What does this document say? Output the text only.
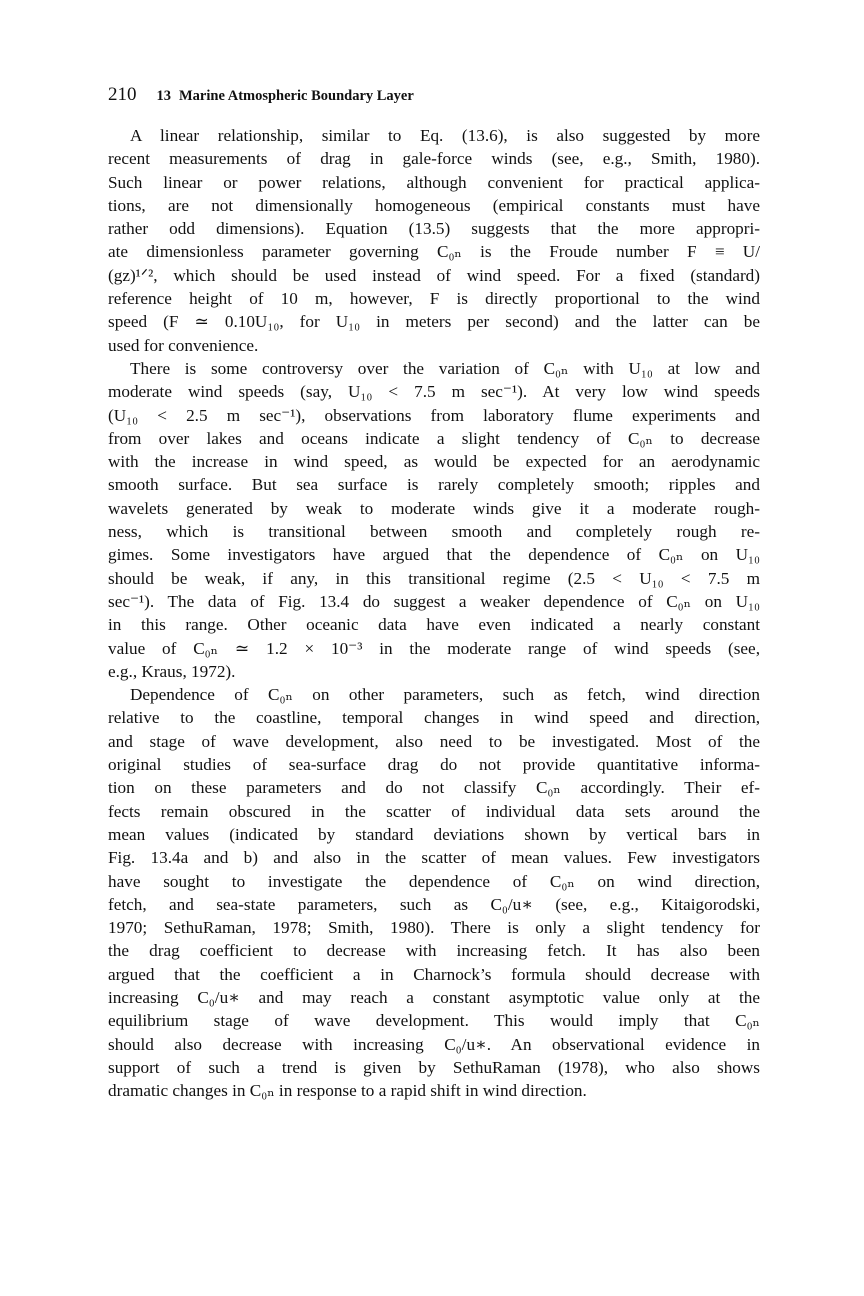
210 13 Marine Atmospheric Boundary Layer
A linear relationship, similar to Eq. (13.6), is also suggested by more
recent measurements of drag in gale-force winds (see, e.g., Smith, 1980).
Such linear or power relations, although convenient for practical applica-
tions, are not dimensionally homogeneous (empirical constants must have
rather odd dimensions). Equation (13.5) suggests that the more appropri-
ate dimensionless parameter governing C₀ₙ is the Froude number F ≡ U/
(gz)¹ᐟ², which should be used instead of wind speed. For a fixed (standard)
reference height of 10 m, however, F is directly proportional to the wind
speed (F ≃ 0.10U₁₀, for U₁₀ in meters per second) and the latter can be
used for convenience.
There is some controversy over the variation of C₀ₙ with U₁₀ at low and
moderate wind speeds (say, U₁₀ < 7.5 m sec⁻¹). At very low wind speeds
(U₁₀ < 2.5 m sec⁻¹), observations from laboratory flume experiments and
from over lakes and oceans indicate a slight tendency of C₀ₙ to decrease
with the increase in wind speed, as would be expected for an aerodynamic
smooth surface. But sea surface is rarely completely smooth; ripples and
wavelets generated by weak to moderate winds give it a moderate rough-
ness, which is transitional between smooth and completely rough re-
gimes. Some investigators have argued that the dependence of C₀ₙ on U₁₀
should be weak, if any, in this transitional regime (2.5 < U₁₀ < 7.5 m
sec⁻¹). The data of Fig. 13.4 do suggest a weaker dependence of C₀ₙ on U₁₀
in this range. Other oceanic data have even indicated a nearly constant
value of C₀ₙ ≃ 1.2 × 10⁻³ in the moderate range of wind speeds (see,
e.g., Kraus, 1972).
Dependence of C₀ₙ on other parameters, such as fetch, wind direction
relative to the coastline, temporal changes in wind speed and direction,
and stage of wave development, also need to be investigated. Most of the
original studies of sea-surface drag do not provide quantitative informa-
tion on these parameters and do not classify C₀ₙ accordingly. Their ef-
fects remain obscured in the scatter of individual data sets around the
mean values (indicated by standard deviations shown by vertical bars in
Fig. 13.4a and b) and also in the scatter of mean values. Few investigators
have sought to investigate the dependence of C₀ₙ on wind direction,
fetch, and sea-state parameters, such as C₀/u∗ (see, e.g., Kitaigorodski,
1970; SethuRaman, 1978; Smith, 1980). There is only a slight tendency for
the drag coefficient to decrease with increasing fetch. It has also been
argued that the coefficient a in Charnock’s formula should decrease with
increasing C₀/u∗ and may reach a constant asymptotic value only at the
equilibrium stage of wave development. This would imply that C₀ₙ
should also decrease with increasing C₀/u∗. An observational evidence in
support of such a trend is given by SethuRaman (1978), who also shows
dramatic changes in C₀ₙ in response to a rapid shift in wind direction.
